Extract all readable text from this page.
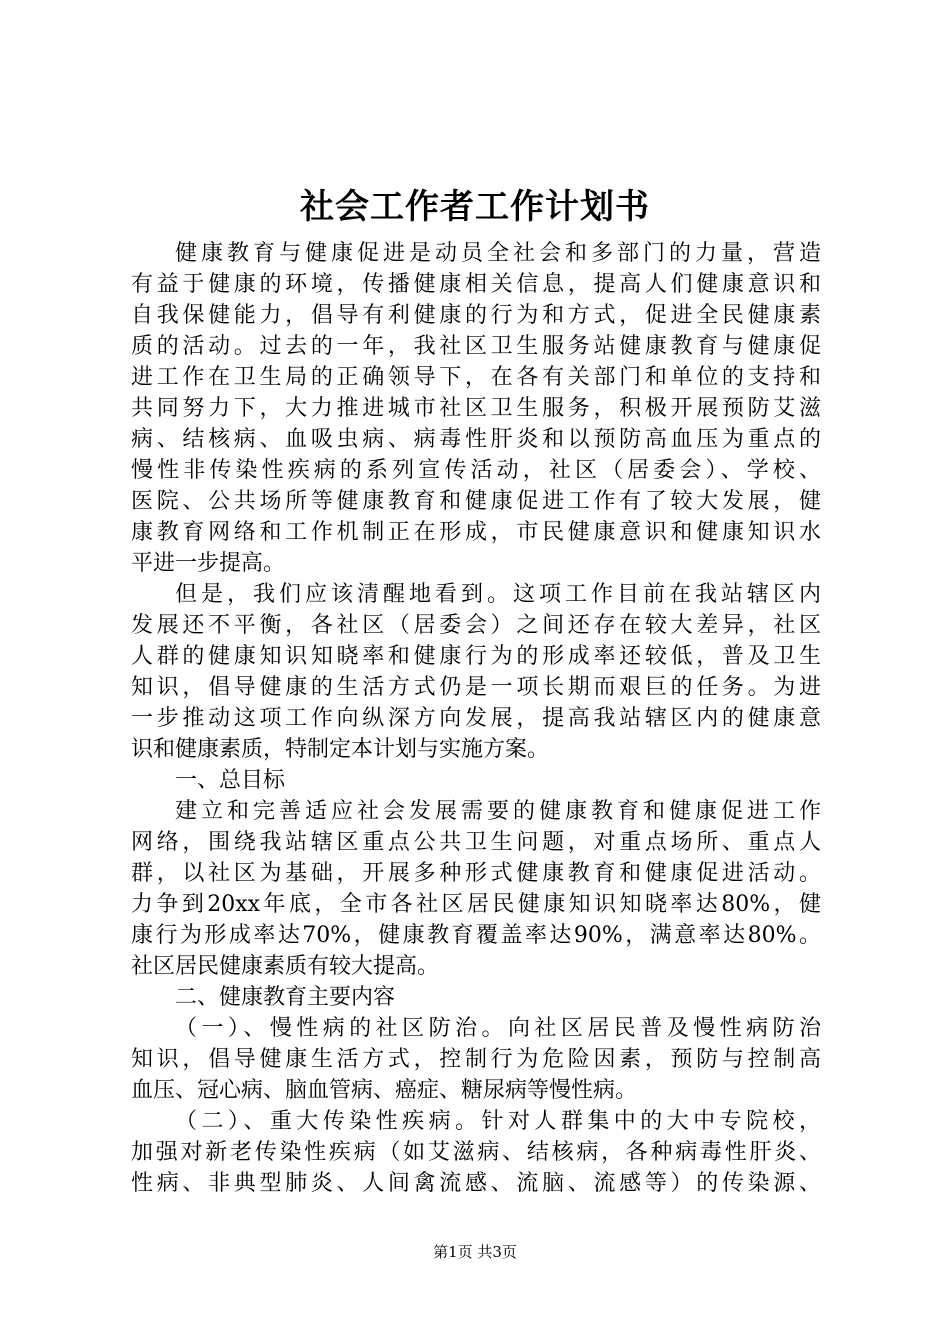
社会工作者工作计划书
健康教育与健康促进是动员全社会和多部门的力量，营造
有益于健康的环境，传播健康相关信息，提高人们健康意识和
自我保健能力，倡导有利健康的行为和方式，促进全民健康素
质的活动。过去的一年，我社区卫生服务站健康教育与健康促
进工作在卫生局的正确领导下，在各有关部门和单位的支持和
共同努力下，大力推进城市社区卫生服务，积极开展预防艾滋
病、结核病、血吸虫病、病毒性肝炎和以预防高血压为重点的
慢性非传染性疾病的系列宣传活动，社区（居委会）、学校、
医院、公共场所等健康教育和健康促进工作有了较大发展，健
康教育网络和工作机制正在形成，市民健康意识和健康知识水
平进一步提高。
但是，我们应该清醒地看到。这项工作目前在我站辖区内
发展还不平衡，各社区（居委会）之间还存在较大差异，社区
人群的健康知识知晓率和健康行为的形成率还较低，普及卫生
知识，倡导健康的生活方式仍是一项长期而艰巨的任务。为进
一步推动这项工作向纵深方向发展，提高我站辖区内的健康意
识和健康素质，特制定本计划与实施方案。
一、总目标
建立和完善适应社会发展需要的健康教育和健康促进工作
网络，围绕我站辖区重点公共卫生问题，对重点场所、重点人
群，以社区为基础，开展多种形式健康教育和健康促进活动。
力争到20xx年底，全市各社区居民健康知识知晓率达80%，健
康行为形成率达70%，健康教育覆盖率达90%，满意率达80%。
社区居民健康素质有较大提高。
二、健康教育主要内容
（一）、慢性病的社区防治。向社区居民普及慢性病防治
知识，倡导健康生活方式，控制行为危险因素，预防与控制高
血压、冠心病、脑血管病、癌症、糖尿病等慢性病。
（二）、重大传染性疾病。针对人群集中的大中专院校，
加强对新老传染性疾病（如艾滋病、结核病，各种病毒性肝炎、
性病、非典型肺炎、人间禽流感、流脑、流感等）的传染源、
第1页 共3页
